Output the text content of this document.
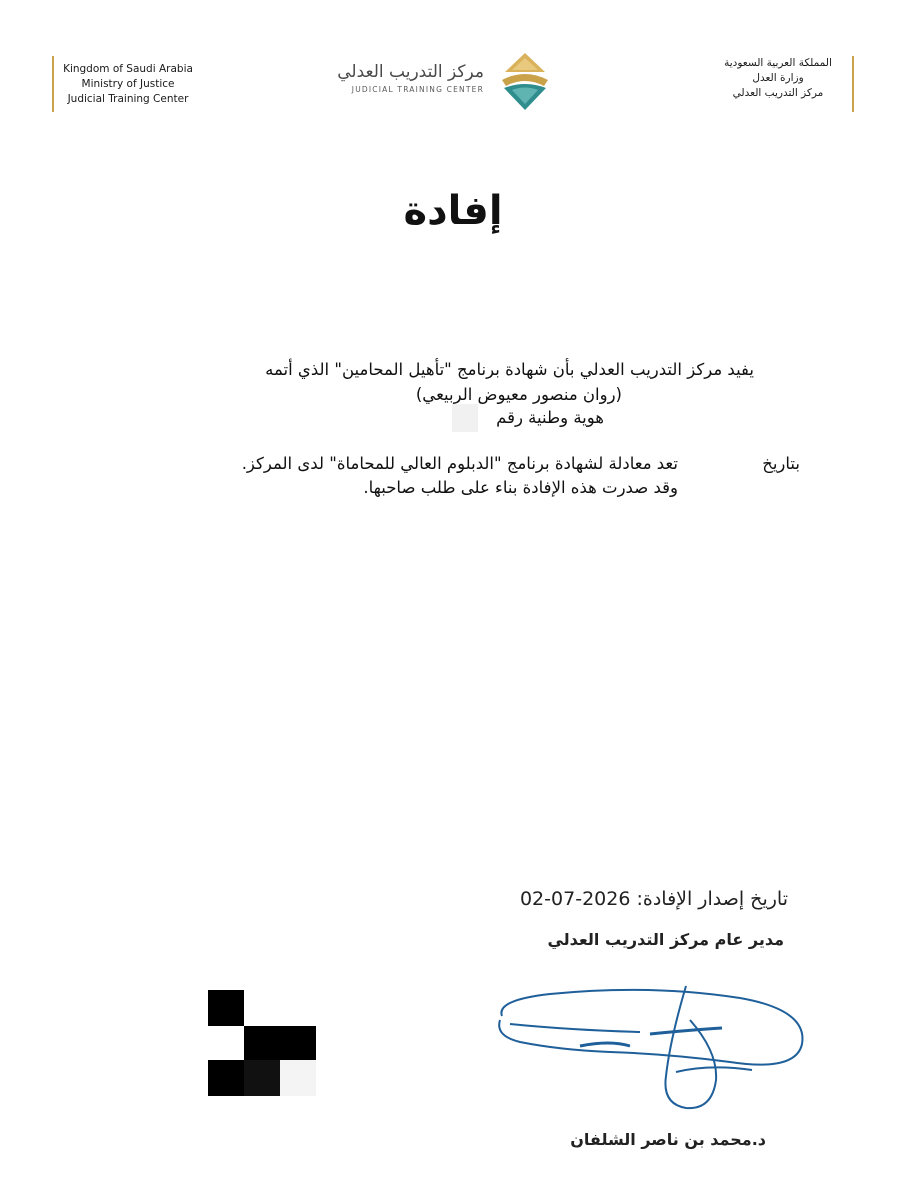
Kingdom of Saudi Arabia
Ministry of Justice
Judicial Training Center
مركز التدريب العدلي
JUDICIAL TRAINING CENTER
المملكة العربية السعودية
وزارة العدل
مركز التدريب العدلي
إفادة
يفيد مركز التدريب العدلي بأن شهادة برنامج "تأهيل المحامين" الذي أتمه
(روان منصور معيوض الربيعي)
هوية وطنية رقم
بتاريخ
تعد معادلة لشهادة برنامج "الدبلوم العالي للمحاماة" لدى المركز.
وقد صدرت هذه الإفادة بناء على طلب صاحبها.
تاريخ إصدار الإفادة: 2026-07-02
مدير عام مركز التدريب العدلي
د.محمد بن ناصر الشلفان
